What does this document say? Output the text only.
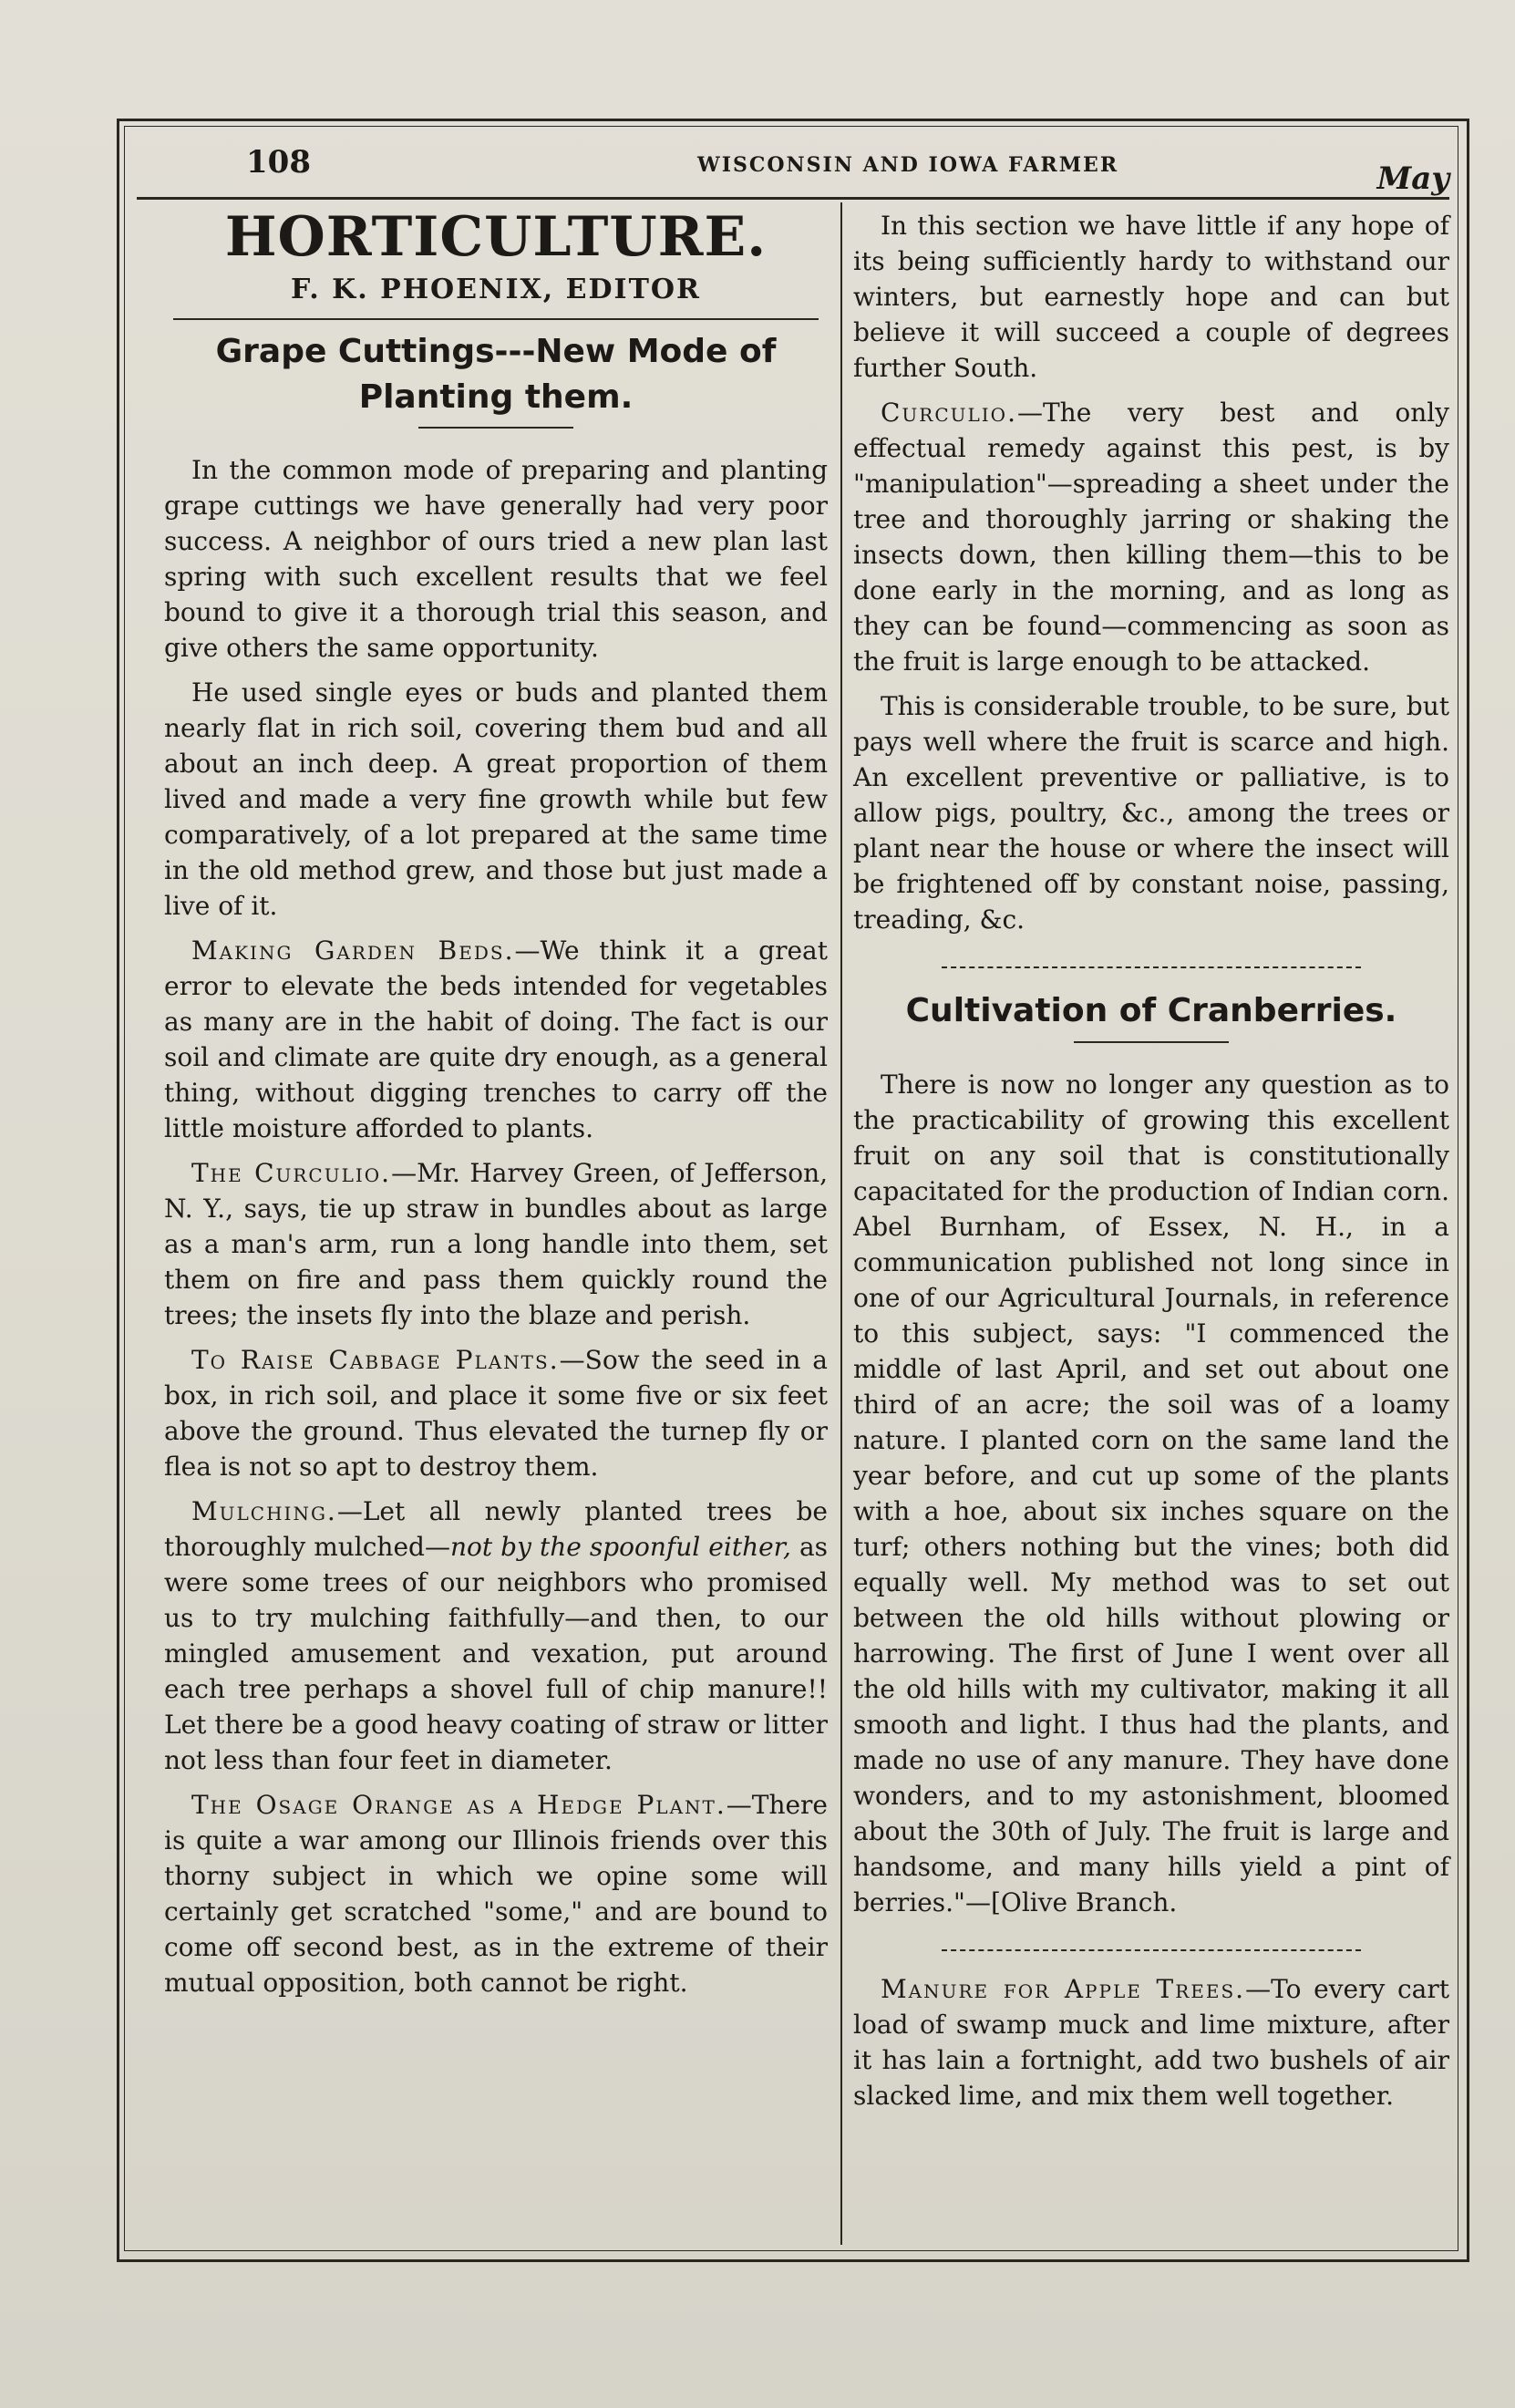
108	WISCONSIN AND IOWA FARMER	May
HORTICULTURE.
F. K. PHOENIX, EDITOR
Grape Cuttings---New Mode of
Planting them.

In the common mode of preparing and planting grape cuttings we have generally had very poor success. A neighbor of ours tried a new plan last spring with such excellent results that we feel bound to give it a thorough trial this season, and give others the same opportunity.

He used single eyes or buds and planted them nearly flat in rich soil, covering them bud and all about an inch deep. A great proportion of them lived and made a very fine growth while but few comparatively, of a lot prepared at the same time in the old method grew, and those but just made a live of it.

Making Garden Beds.—We think it a great error to elevate the beds intended for vegetables as many are in the habit of doing. The fact is our soil and climate are quite dry enough, as a general thing, without digging trenches to carry off the little moisture afforded to plants.

The Curculio.—Mr. Harvey Green, of Jefferson, N. Y., says, tie up straw in bundles about as large as a man's arm, run a long handle into them, set them on fire and pass them quickly round the trees; the insets fly into the blaze and perish.

To Raise Cabbage Plants.—Sow the seed in a box, in rich soil, and place it some five or six feet above the ground. Thus elevated the turnep fly or flea is not so apt to destroy them.

Mulching.—Let all newly planted trees be thoroughly mulched—not by the spoonful either, as were some trees of our neighbors who promised us to try mulching faithfully—and then, to our mingled amusement and vexation, put around each tree perhaps a shovel full of chip manure!! Let there be a good heavy coating of straw or litter not less than four feet in diameter.

The Osage Orange as a Hedge Plant.—There is quite a war among our Illinois friends over this thorny subject in which we opine some will certainly get scratched "some," and are bound to come off second best, as in the extreme of their mutual opposition, both cannot be right.

In this section we have little if any hope of its being sufficiently hardy to withstand our winters, but earnestly hope and can but believe it will succeed a couple of degrees further South.

Curculio.—The very best and only effectual remedy against this pest, is by "manipulation"—spreading a sheet under the tree and thoroughly jarring or shaking the insects down, then killing them—this to be done early in the morning, and as long as they can be found—commencing as soon as the fruit is large enough to be attacked.

This is considerable trouble, to be sure, but pays well where the fruit is scarce and high. An excellent preventive or palliative, is to allow pigs, poultry, &c., among the trees or plant near the house or where the insect will be frightened off by constant noise, passing, treading, &c.

Cultivation of Cranberries.

There is now no longer any question as to the practicability of growing this excellent fruit on any soil that is constitutionally capacitated for the production of Indian corn. Abel Burnham, of Essex, N. H., in a communication published not long since in one of our Agricultural Journals, in reference to this subject, says: "I commenced the middle of last April, and set out about one third of an acre; the soil was of a loamy nature. I planted corn on the same land the year before, and cut up some of the plants with a hoe, about six inches square on the turf; others nothing but the vines; both did equally well. My method was to set out between the old hills without plowing or harrowing. The first of June I went over all the old hills with my cultivator, making it all smooth and light. I thus had the plants, and made no use of any manure. They have done wonders, and to my astonishment, bloomed about the 30th of July. The fruit is large and handsome, and many hills yield a pint of berries."—[Olive Branch.

Manure for Apple Trees.—To every cart load of swamp muck and lime mixture, after it has lain a fortnight, add two bushels of air slacked lime, and mix them well together.
